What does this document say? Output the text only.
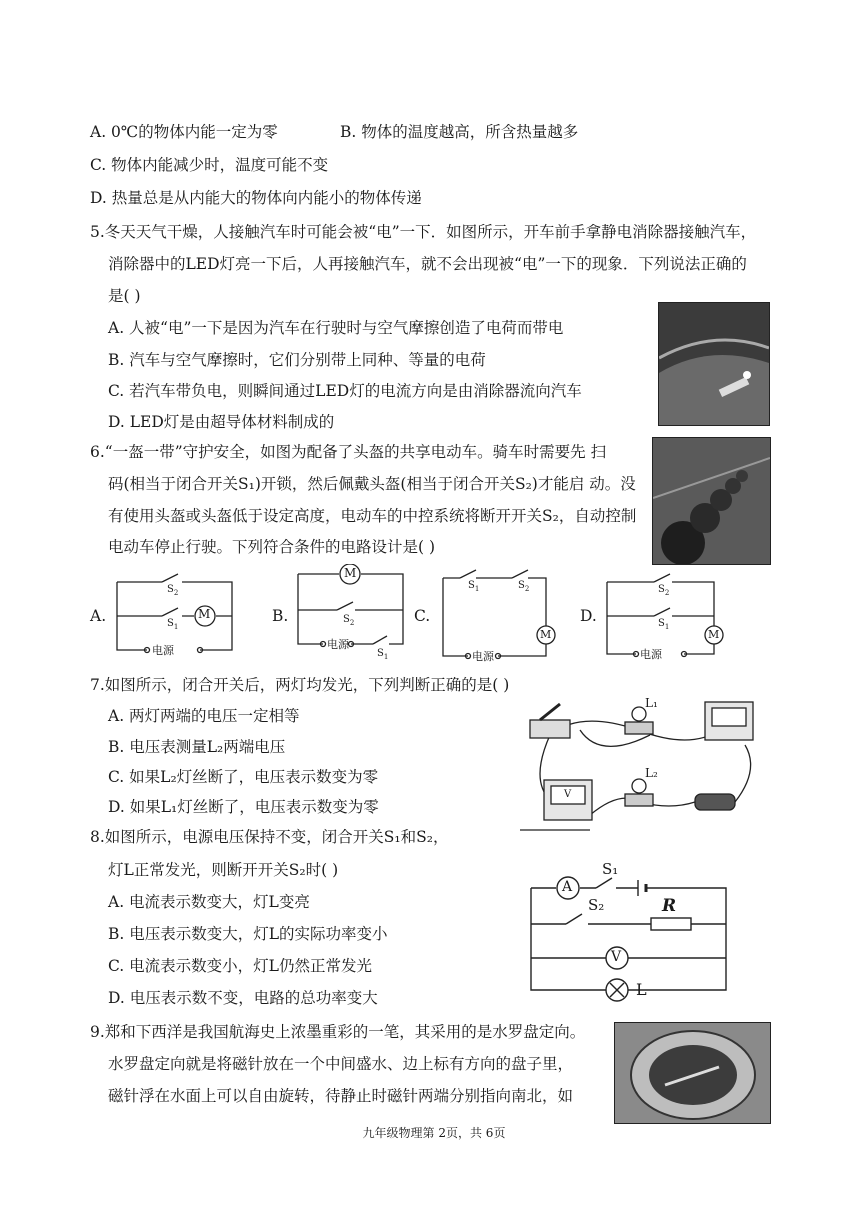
A. 0℃的物体内能一定为零	B. 物体的温度越高，所含热量越多
C. 物体内能减少时，温度可能不变
D. 热量总是从内能大的物体向内能小的物体传递
5.冬天天气干燥，人接触汽车时可能会被“电”一下．如图所示，开车前手拿静电消除器接触汽车，
消除器中的LED灯亮一下后，人再接触汽车，就不会出现被“电”一下的现象．下列说法正确的
是( )
A. 人被“电”一下是因为汽车在行驶时与空气摩擦创造了电荷而带电
B. 汽车与空气摩擦时，它们分别带上同种、等量的电荷
C. 若汽车带负电，则瞬间通过LED灯的电流方向是由消除器流向汽车
D. LED灯是由超导体材料制成的
6.“一盔一带”守护安全，如图为配备了头盔的共享电动车。骑车时需要先 扫
码(相当于闭合开关S₁)开锁，然后佩戴头盔(相当于闭合开关S₂)才能启 动。没
有使用头盔或头盔低于设定高度，电动车的中控系统将断开开关S₂，自动控制
电动车停止行驶。下列符合条件的电路设计是( )
A.	M
$S_2$
$S_1$
电源
B.
M
$S_2$
$S_1$
电源
C.
M
$S_1$	$S_2$
电源
D.
M
$S_2$
$S_1$
电源
7.如图所示，闭合开关后，两灯均发光，下列判断正确的是( )
A. 两灯两端的电压一定相等
B. 电压表测量L₂两端电压
C. 如果L₂灯丝断了，电压表示数变为零
D. 如果L₁灯丝断了，电压表示数变为零
L₁
L₂
V
8.如图所示，电源电压保持不变，闭合开关S₁和S₂，
灯L正常发光，则断开开关S₂时( )
A. 电流表示数变大，灯L变亮
B. 电压表示数变大，灯L的实际功率变小
C. 电流表示数变小，灯L仍然正常发光
D. 电压表示数不变，电路的总功率变大
A
V
R
L
S₁
S₂
9.郑和下西洋是我国航海史上浓墨重彩的一笔，其采用的是水罗盘定向。
水罗盘定向就是将磁针放在一个中间盛水、边上标有方向的盘子里，
磁针浮在水面上可以自由旋转，待静止时磁针两端分别指向南北，如
九年级物理第 2页，共 6页
